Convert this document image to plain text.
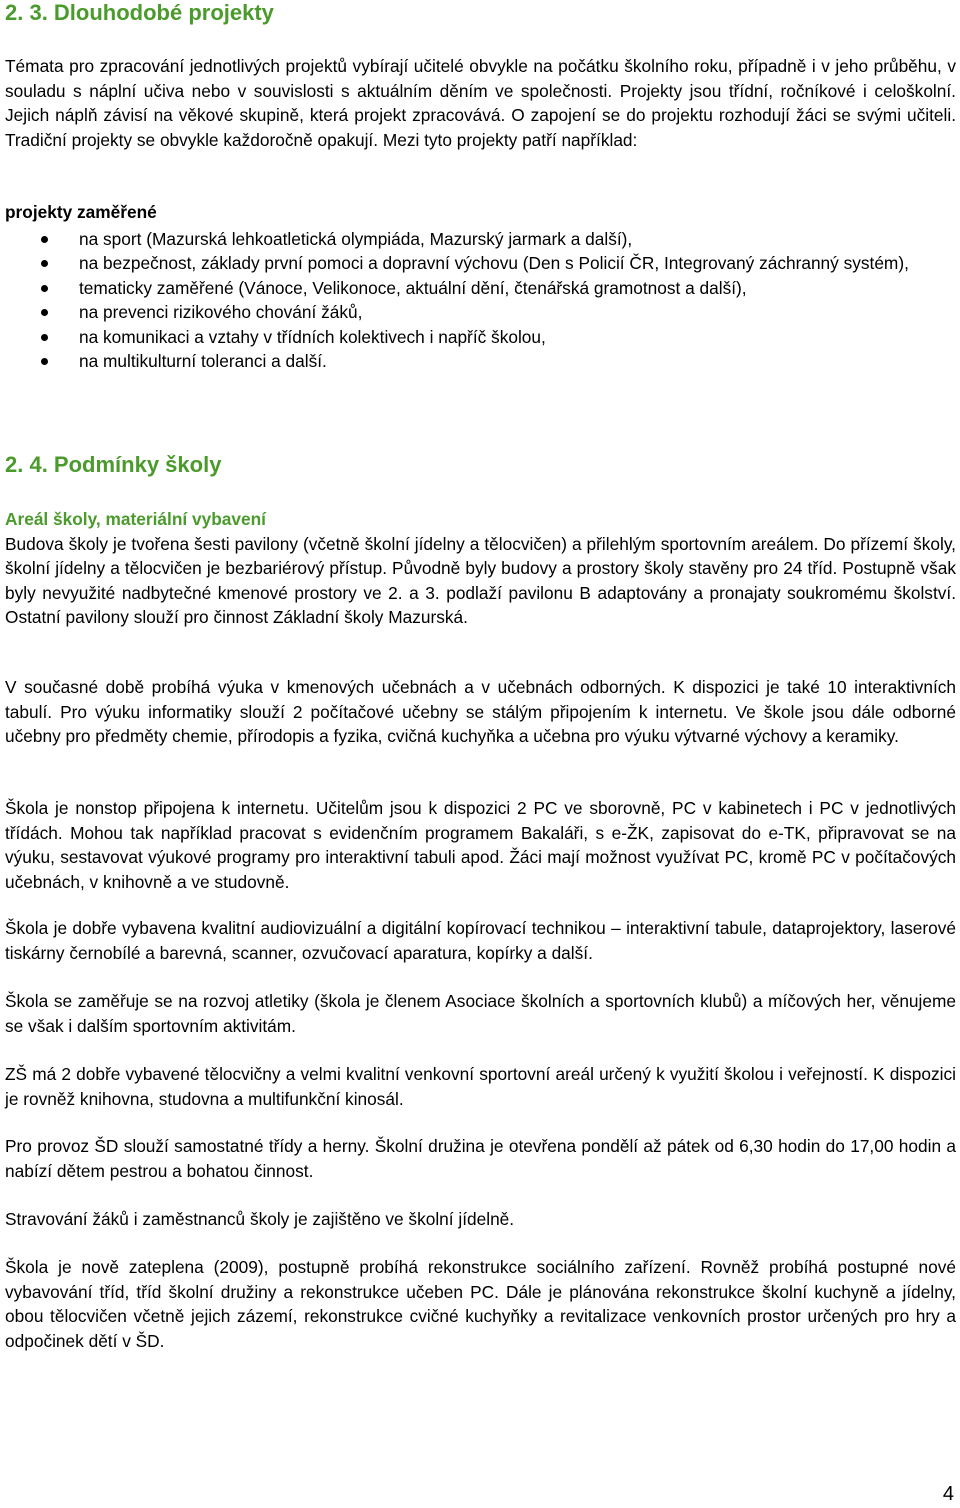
2. 3. Dlouhodobé projekty

Témata pro zpracování jednotlivých projektů vybírají učitelé obvykle na počátku školního roku, případně i v jeho průběhu, v souladu s náplní učiva nebo v souvislosti s aktuálním děním ve společnosti. Projekty jsou třídní, ročníkové i celoškolní. Jejich náplň závisí na věkové skupině, která projekt zpracovává. O zapojení se do projektu rozhodují žáci se svými učiteli. Tradiční projekty se obvykle každoročně opakují. Mezi tyto projekty patří například:

projekty zaměřené

na sport (Mazurská lehkoatletická olympiáda, Mazurský jarmark a další),
na bezpečnost, základy první pomoci a dopravní výchovu (Den s Policií ČR, Integrovaný záchranný systém),
tematicky zaměřené (Vánoce, Velikonoce, aktuální dění, čtenářská gramotnost a další),
na prevenci rizikového chování žáků,
na komunikaci a vztahy v třídních kolektivech i napříč školou,
na multikulturní toleranci a další.
2. 4. Podmínky školy

Areál školy, materiální vybavení

Budova školy je tvořena šesti pavilony (včetně školní jídelny a tělocvičen) a přilehlým sportovním areálem. Do přízemí školy, školní jídelny a tělocvičen je bezbariérový přístup. Původně byly budovy a prostory školy stavěny pro 24 tříd. Postupně však byly nevyužité nadbytečné kmenové prostory ve 2. a 3. podlaží pavilonu B adaptovány a pronajaty soukromému školství. Ostatní pavilony slouží pro činnost Základní školy Mazurská.

V současné době probíhá výuka v kmenových učebnách a v učebnách odborných. K dispozici je také 10 interaktivních tabulí. Pro výuku informatiky slouží 2 počítačové učebny se stálým připojením k internetu. Ve škole jsou dále odborné učebny pro předměty chemie, přírodopis a fyzika, cvičná kuchyňka a učebna pro výuku výtvarné výchovy a keramiky.

Škola je nonstop připojena k internetu. Učitelům jsou k dispozici 2 PC ve sborovně, PC v kabinetech i PC v jednotlivých třídách. Mohou tak například pracovat s evidenčním programem Bakaláři, s e-ŽK, zapisovat do e-TK, připravovat se na výuku, sestavovat výukové programy pro interaktivní tabuli apod. Žáci mají možnost využívat PC, kromě PC v počítačových učebnách, v knihovně a ve studovně.

Škola je dobře vybavena kvalitní audiovizuální a digitální kopírovací technikou – interaktivní tabule, dataprojektory, laserové tiskárny černobílé a barevná, scanner, ozvučovací aparatura, kopírky a další.

Škola se zaměřuje se na rozvoj atletiky (škola je členem Asociace školních a sportovních klubů) a míčových her, věnujeme se však i dalším sportovním aktivitám.

ZŠ má 2 dobře vybavené tělocvičny a velmi kvalitní venkovní sportovní areál určený k využití školou i veřejností. K dispozici je rovněž knihovna, studovna a multifunkční kinosál.

Pro provoz ŠD slouží samostatné třídy a herny. Školní družina je otevřena pondělí až pátek od 6,30 hodin do 17,00 hodin a nabízí dětem pestrou a bohatou činnost.

Stravování žáků i zaměstnanců školy je zajištěno ve školní jídelně.

Škola je nově zateplena (2009), postupně probíhá rekonstrukce sociálního zařízení. Rovněž probíhá postupné nové vybavování tříd, tříd školní družiny a rekonstrukce učeben PC. Dále je plánována rekonstrukce školní kuchyně a jídelny, obou tělocvičen včetně jejich zázemí, rekonstrukce cvičné kuchyňky a revitalizace venkovních prostor určených pro hry a odpočinek dětí v ŠD.

4
